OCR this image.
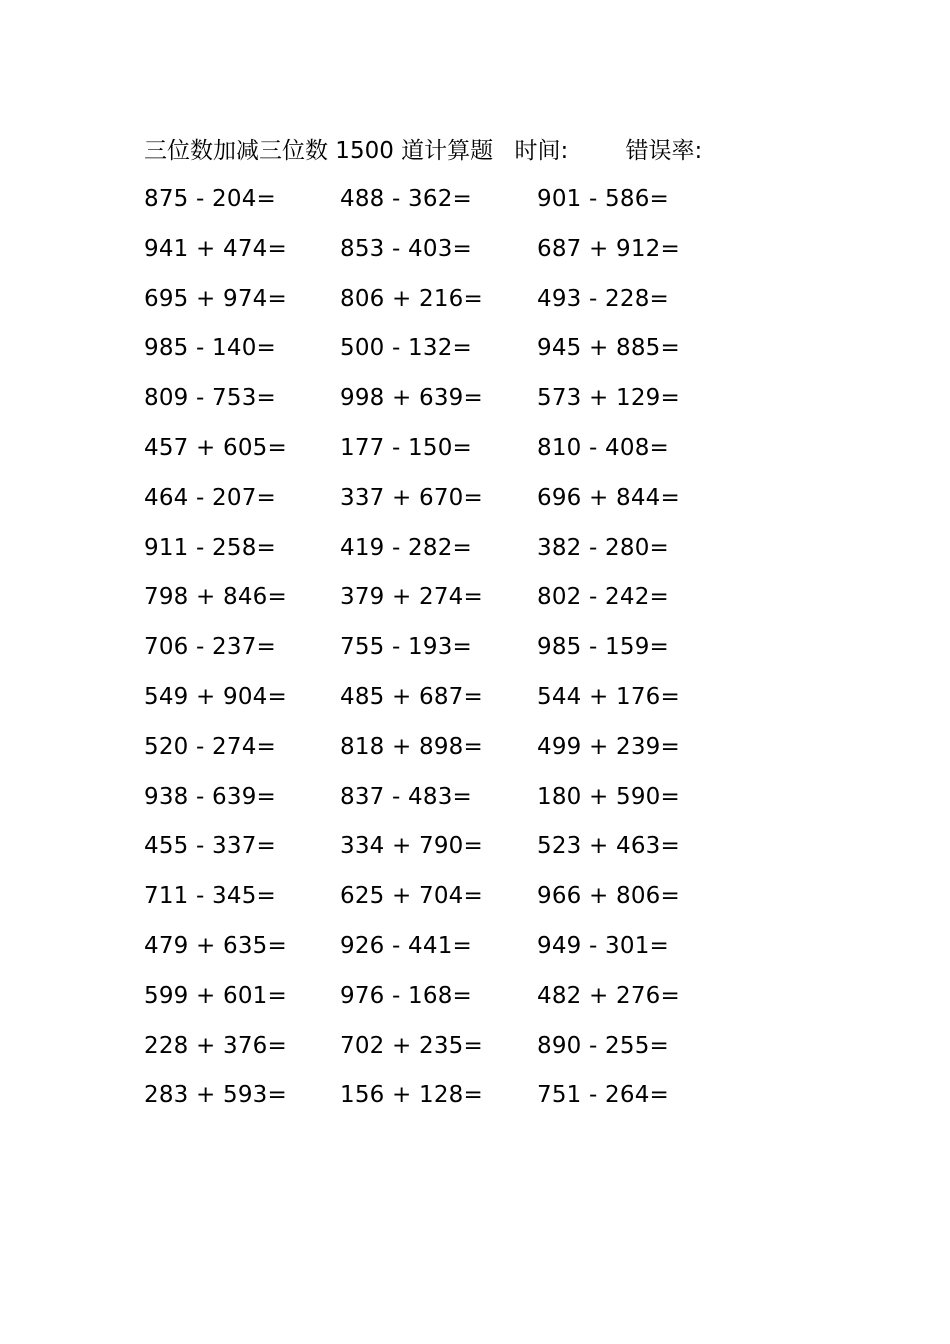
三位数加减三位数 1500 道计算题 时间: 错误率:
875 - 204=	488 - 362=	901 - 586=
941 + 474=	853 - 403=	687 + 912=
695 + 974=	806 + 216=	493 - 228=
985 - 140=	500 - 132=	945 + 885=
809 - 753=	998 + 639=	573 + 129=
457 + 605=	177 - 150=	810 - 408=
464 - 207=	337 + 670=	696 + 844=
911 - 258=	419 - 282=	382 - 280=
798 + 846=	379 + 274=	802 - 242=
706 - 237=	755 - 193=	985 - 159=
549 + 904=	485 + 687=	544 + 176=
520 - 274=	818 + 898=	499 + 239=
938 - 639=	837 - 483=	180 + 590=
455 - 337=	334 + 790=	523 + 463=
711 - 345=	625 + 704=	966 + 806=
479 + 635=	926 - 441=	949 - 301=
599 + 601=	976 - 168=	482 + 276=
228 + 376=	702 + 235=	890 - 255=
283 + 593=	156 + 128=	751 - 264=
